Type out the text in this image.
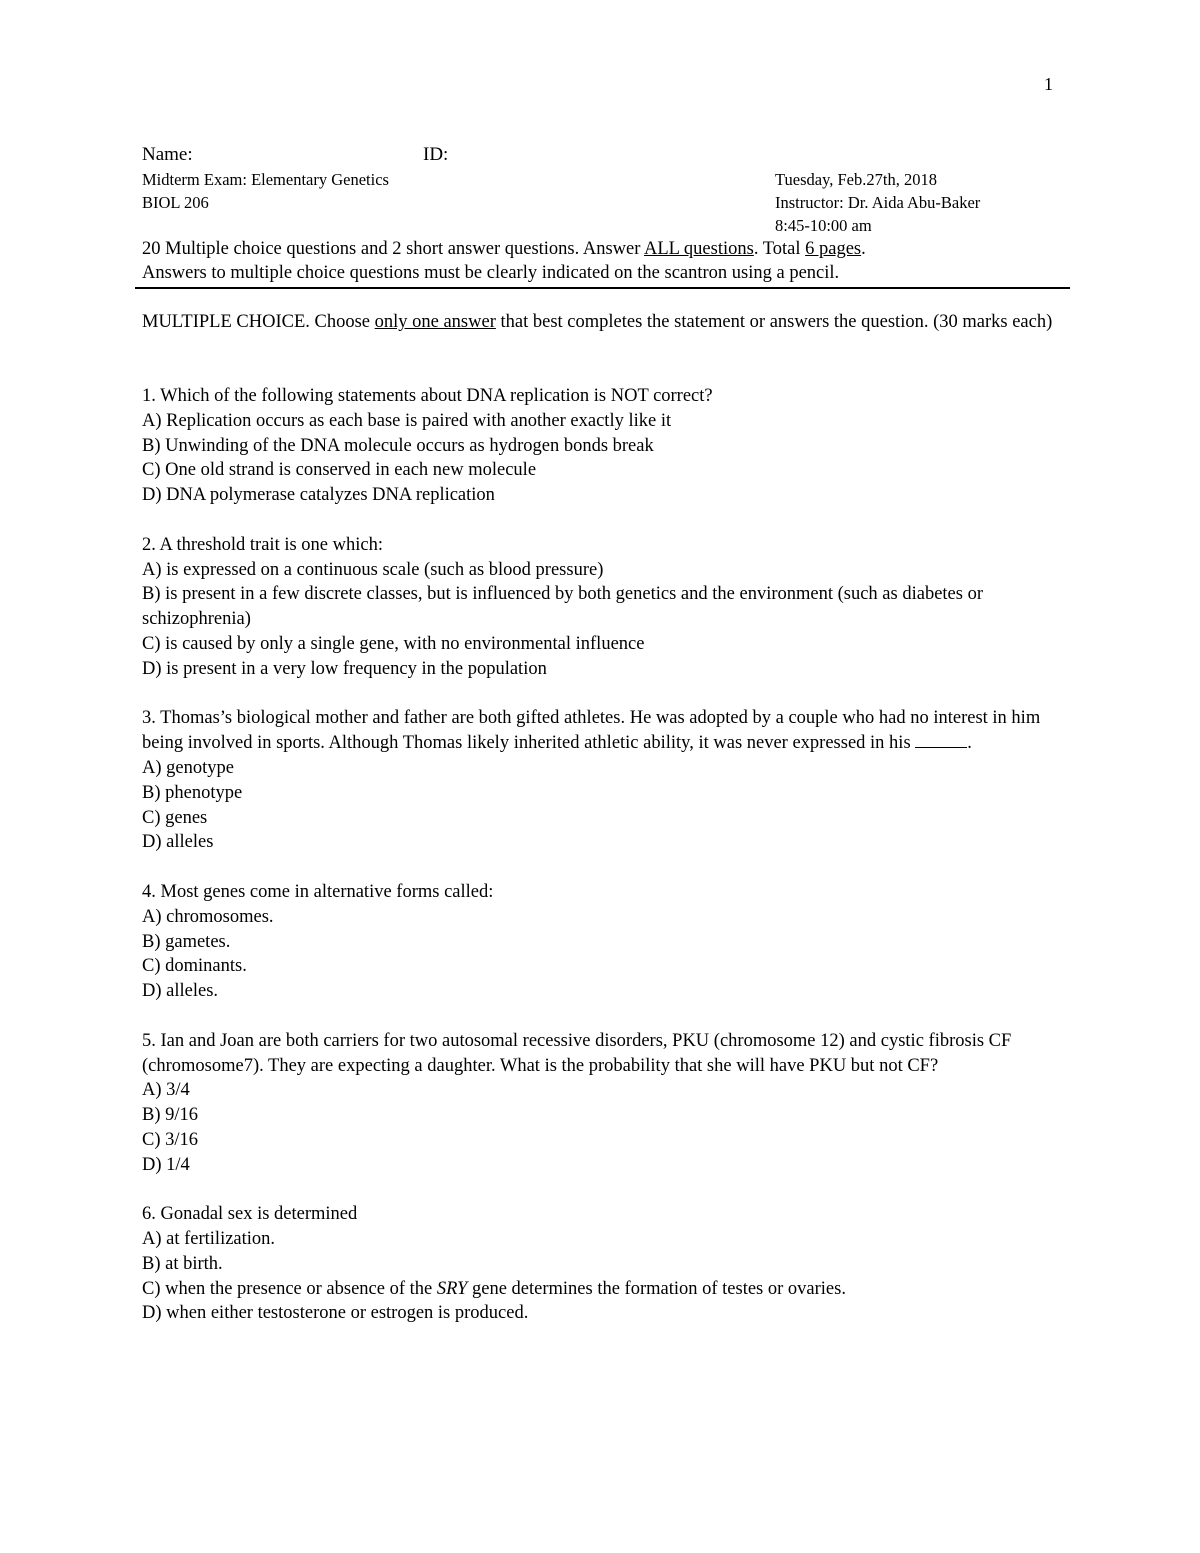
1
Name:	ID:
Midterm Exam: Elementary Genetics
BIOL 206
Tuesday, Feb.27th, 2018
Instructor: Dr. Aida Abu-Baker
8:45-10:00 am
20 Multiple choice questions and 2 short answer questions. Answer ALL questions. Total 6 pages.
Answers to multiple choice questions must be clearly indicated on the scantron using a pencil.
MULTIPLE CHOICE. Choose only one answer that best completes the statement or answers the question. (30 marks each)
1. Which of the following statements about DNA replication is NOT correct?
A) Replication occurs as each base is paired with another exactly like it
B) Unwinding of the DNA molecule occurs as hydrogen bonds break
C) One old strand is conserved in each new molecule
D) DNA polymerase catalyzes DNA replication
2. A threshold trait is one which:
A) is expressed on a continuous scale (such as blood pressure)
B) is present in a few discrete classes, but is influenced by both genetics and the environment (such as diabetes or schizophrenia)
C) is caused by only a single gene, with no environmental influence
D) is present in a very low frequency in the population
3. Thomas’s biological mother and father are both gifted athletes. He was adopted by a couple who had no interest in him being involved in sports. Although Thomas likely inherited athletic ability, it was never expressed in his	.
A) genotype
B) phenotype
C) genes
D) alleles
4. Most genes come in alternative forms called:
A) chromosomes.
B) gametes.
C) dominants.
D) alleles.
5. Ian and Joan are both carriers for two autosomal recessive disorders, PKU (chromosome 12) and cystic fibrosis CF (chromosome7). They are expecting a daughter. What is the probability that she will have PKU but not CF?
A) 3/4
B) 9/16
C) 3/16
D) 1/4
6. Gonadal sex is determined
A) at fertilization.
B) at birth.
C) when the presence or absence of the SRY gene determines the formation of testes or ovaries.
D) when either testosterone or estrogen is produced.
